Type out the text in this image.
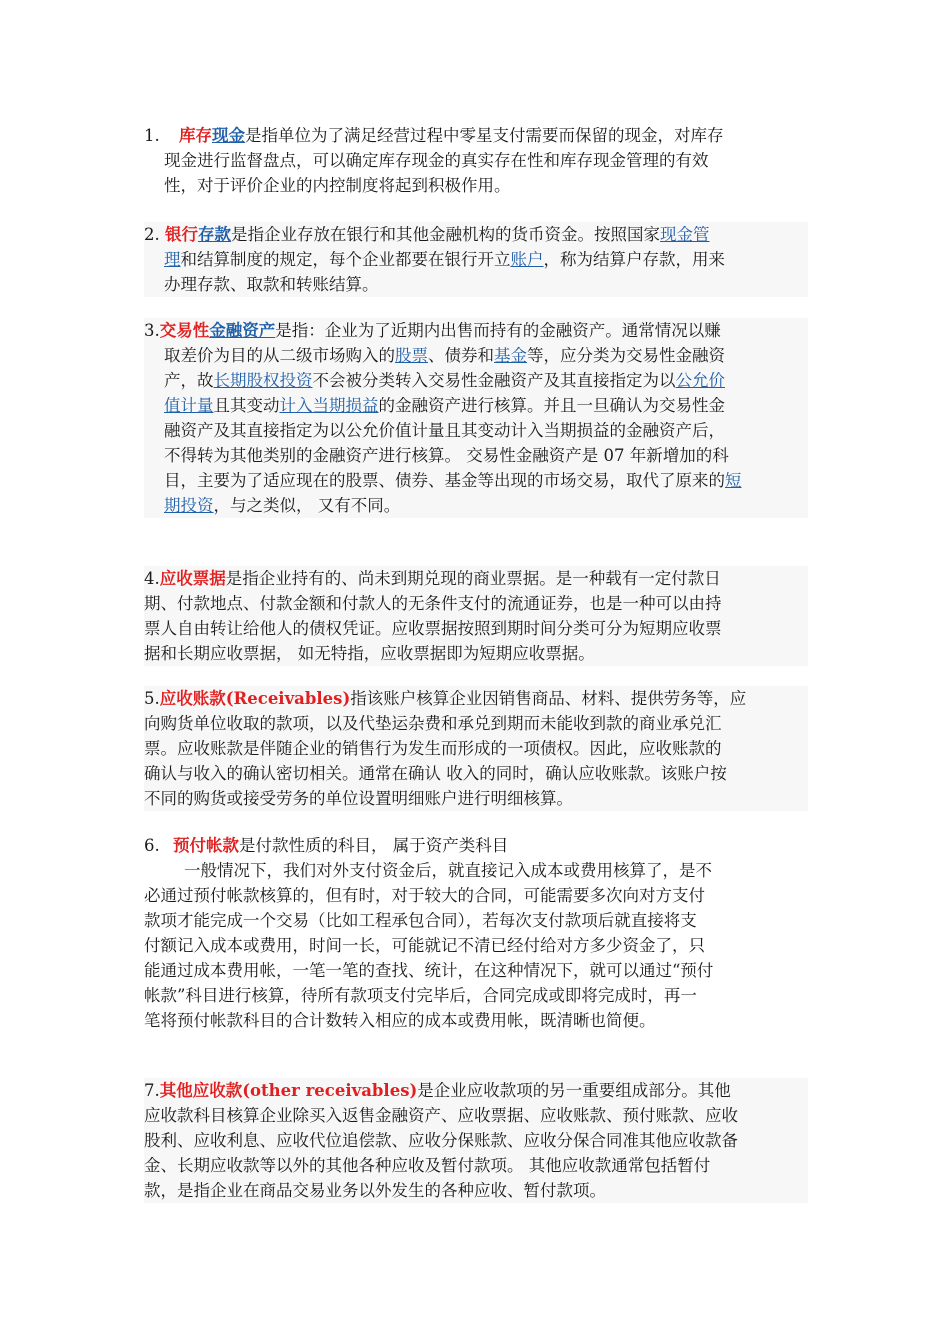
1. 库存现金是指单位为了满足经营过程中零星支付需要而保留的现金，对库存
现金进行监督盘点，可以确定库存现金的真实存在性和库存现金管理的有效
性，对于评价企业的内控制度将起到积极作用。
2. 银行存款是指企业存放在银行和其他金融机构的货币资金。按照国家现金管
理和结算制度的规定，每个企业都要在银行开立账户，称为结算户存款，用来
办理存款、取款和转账结算。
3.交易性金融资产是指：企业为了近期内出售而持有的金融资产。通常情况以赚
取差价为目的从二级市场购入的股票、债券和基金等，应分类为交易性金融资
产，故长期股权投资不会被分类转入交易性金融资产及其直接指定为以公允价
值计量且其变动计入当期损益的金融资产进行核算。并且一旦确认为交易性金
融资产及其直接指定为以公允价值计量且其变动计入当期损益的金融资产后，
不得转为其他类别的金融资产进行核算。 交易性金融资产是 07 年新增加的科
目，主要为了适应现在的股票、债券、基金等出现的市场交易，取代了原来的短
期投资，与之类似， 又有不同。
4.应收票据是指企业持有的、尚未到期兑现的商业票据。是一种载有一定付款日
期、付款地点、付款金额和付款人的无条件支付的流通证券，也是一种可以由持
票人自由转让给他人的债权凭证。应收票据按照到期时间分类可分为短期应收票
据和长期应收票据， 如无特指，应收票据即为短期应收票据。
5.应收账款(Receivables)指该账户核算企业因销售商品、材料、提供劳务等，应
向购货单位收取的款项，以及代垫运杂费和承兑到期而未能收到款的商业承兑汇
票。应收账款是伴随企业的销售行为发生而形成的一项债权。因此，应收账款的
确认与收入的确认密切相关。通常在确认 收入的同时，确认应收账款。该账户按
不同的购货或接受劳务的单位设置明细账户进行明细核算。
6. 预付帐款是付款性质的科目， 属于资产类科目
一般情况下，我们对外支付资金后，就直接记入成本或费用核算了，是不
必通过预付帐款核算的，但有时，对于较大的合同，可能需要多次向对方支付
款项才能完成一个交易（比如工程承包合同），若每次支付款项后就直接将支
付额记入成本或费用，时间一长，可能就记不清已经付给对方多少资金了，只
能通过成本费用帐，一笔一笔的查找、统计，在这种情况下，就可以通过“预付
帐款”科目进行核算，待所有款项支付完毕后，合同完成或即将完成时，再一
笔将预付帐款科目的合计数转入相应的成本或费用帐，既清晰也简便。
7.其他应收款(other receivables)是企业应收款项的另一重要组成部分。其他
应收款科目核算企业除买入返售金融资产、应收票据、应收账款、预付账款、应收
股利、应收利息、应收代位追偿款、应收分保账款、应收分保合同准其他应收款备
金、长期应收款等以外的其他各种应收及暂付款项。 其他应收款通常包括暂付
款，是指企业在商品交易业务以外发生的各种应收、暂付款项。
